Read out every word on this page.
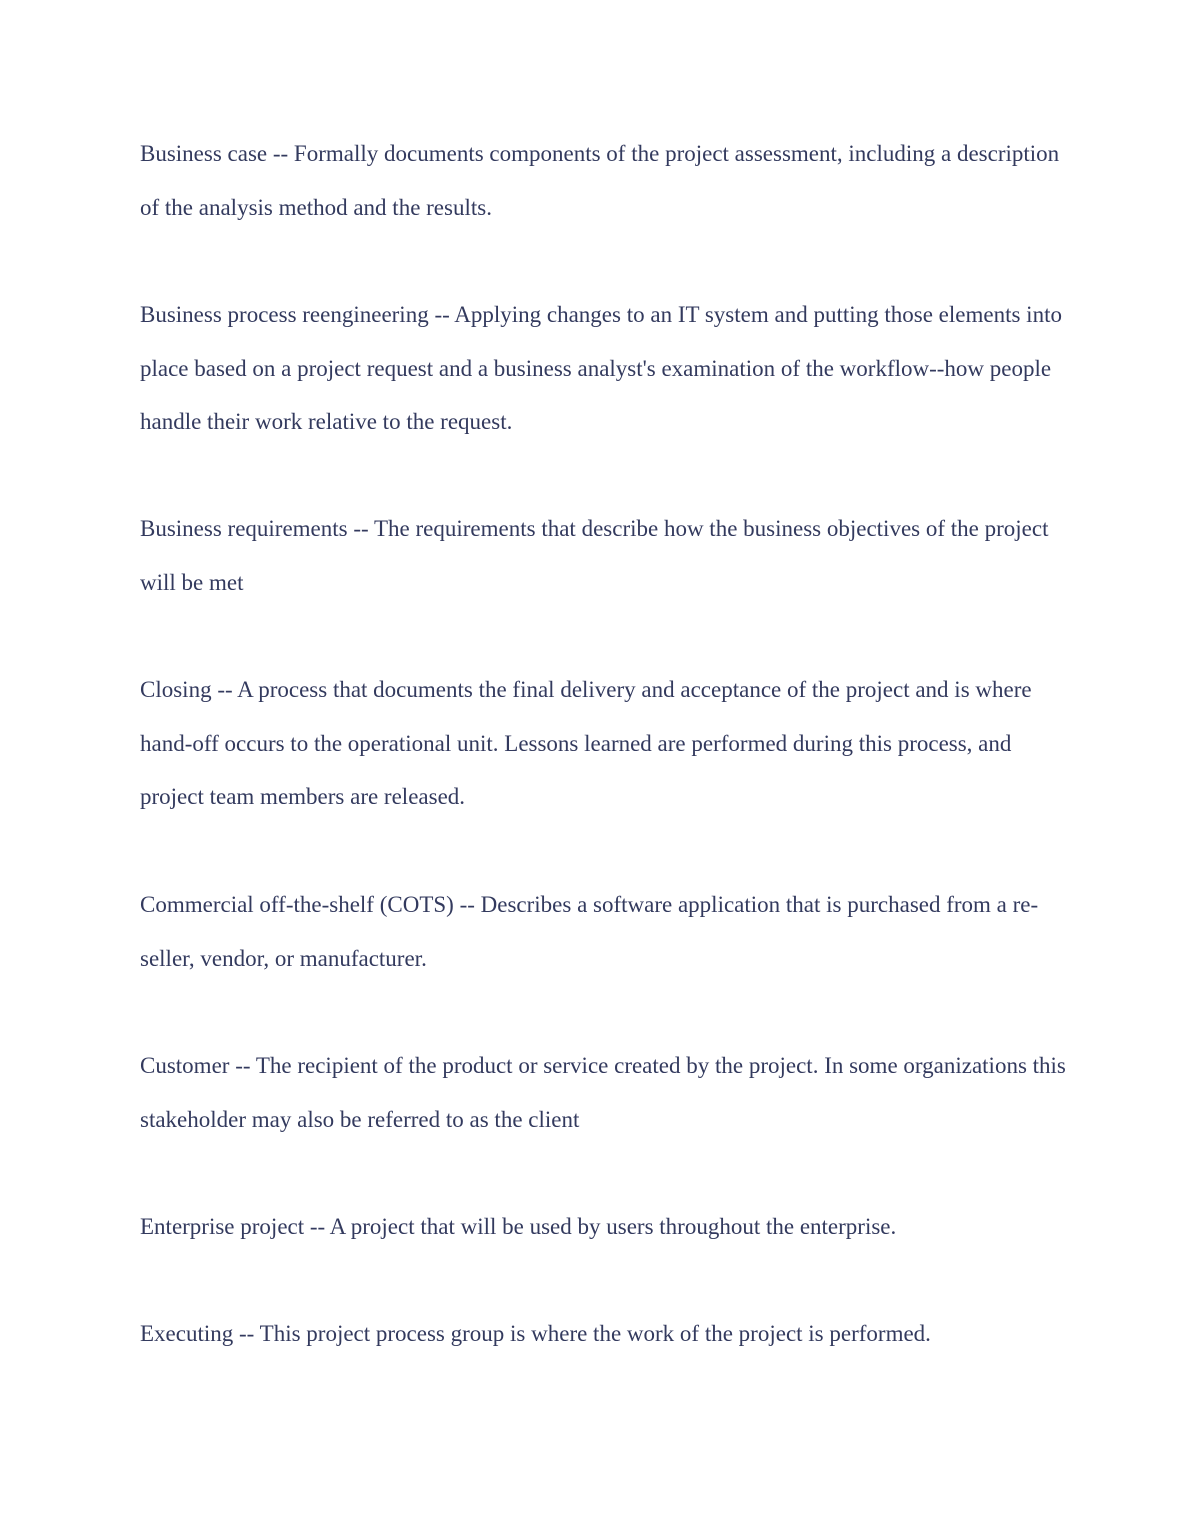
Business case -- Formally documents components of the project assessment, including a description of the analysis method and the results.

Business process reengineering -- Applying changes to an IT system and putting those elements into place based on a project request and a business analyst's examination of the workflow--how people handle their work relative to the request.

Business requirements -- The requirements that describe how the business objectives of the project will be met

Closing -- A process that documents the final delivery and acceptance of the project and is where hand-off occurs to the operational unit. Lessons learned are performed during this process, and project team members are released.

Commercial off-the-shelf (COTS) -- Describes a software application that is purchased from a re-seller, vendor, or manufacturer.

Customer -- The recipient of the product or service created by the project. In some organizations this stakeholder may also be referred to as the client

Enterprise project -- A project that will be used by users throughout the enterprise.

Executing -- This project process group is where the work of the project is performed.
